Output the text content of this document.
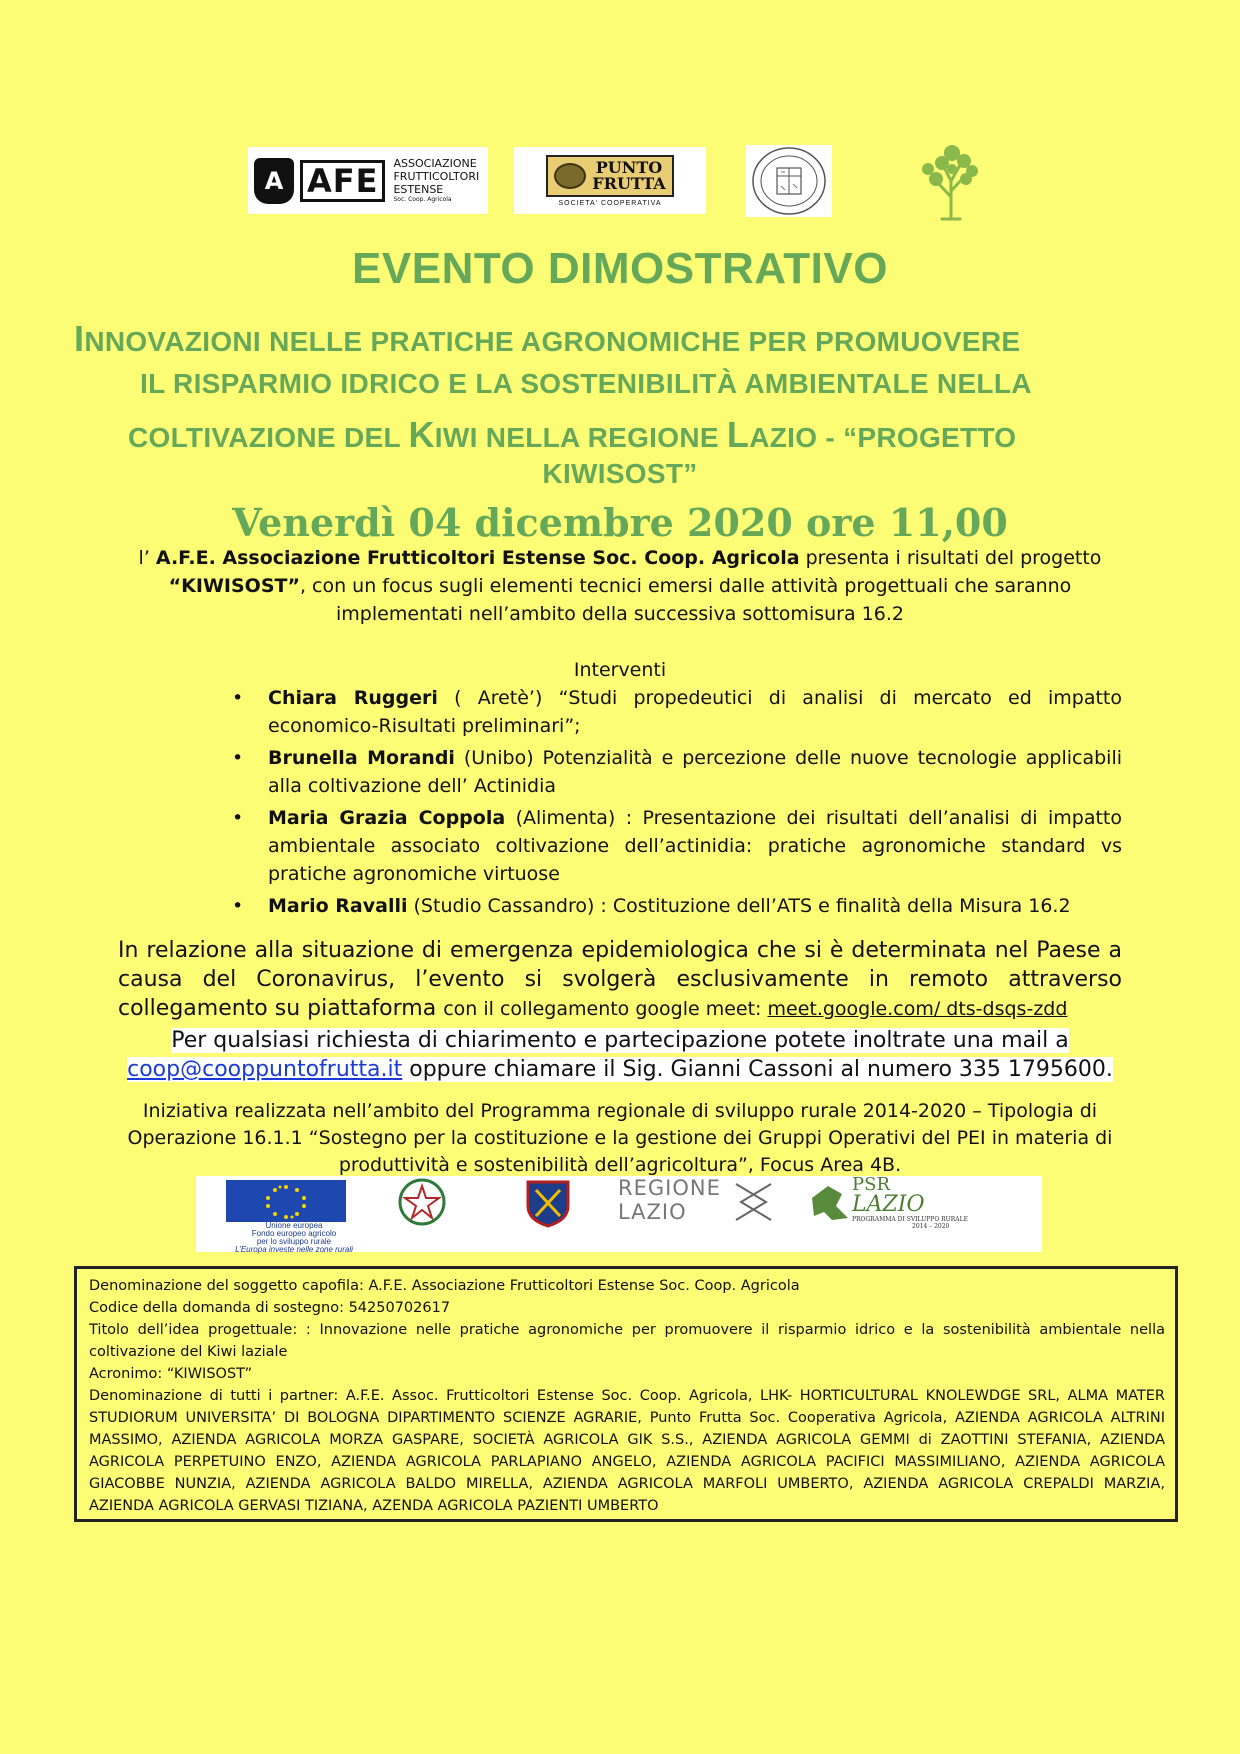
A AFE	ASSOCIAZIONE
FRUTTICOLTORI
ESTENSE
Soc. Coop. Agricola
PUNTO
FRUTTA
SOCIETA' COOPERATIVA
EVENTO DIMOSTRATIVO
INNOVAZIONI NELLE PRATICHE AGRONOMICHE PER PROMUOVERE
IL RISPARMIO IDRICO E LA SOSTENIBILITÀ AMBIENTALE NELLA
COLTIVAZIONE DEL KIWI NELLA REGIONE LAZIO - “PROGETTO
KIWISOST”
Venerdì 04 dicembre 2020 ore 11,00
l’ A.F.E. Associazione Frutticoltori Estense Soc. Coop. Agricola presenta i risultati del progetto “KIWISOST”, con un focus sugli elementi tecnici emersi dalle attività progettuali che saranno implementati nell’ambito della successiva sottomisura 16.2
Interventi
• Chiara Ruggeri ( Aretè’) “Studi propedeutici di analisi di mercato ed impatto economico-Risultati preliminari”;
• Brunella Morandi (Unibo) Potenzialità e percezione delle nuove tecnologie applicabili alla coltivazione dell’ Actinidia
• Maria Grazia Coppola (Alimenta) : Presentazione dei risultati dell’analisi di impatto ambientale associato coltivazione dell’actinidia: pratiche agronomiche standard vs pratiche agronomiche virtuose
• Mario Ravalli (Studio Cassandro) : Costituzione dell’ATS e finalità della Misura 16.2
In relazione alla situazione di emergenza epidemiologica che si è determinata nel Paese a causa del Coronavirus, l’evento si svolgerà esclusivamente in remoto attraverso collegamento su piattaforma con il collegamento google meet: meet.google.com/ dts-dsqs-zdd
Per qualsiasi richiesta di chiarimento e partecipazione potete inoltrate una mail a
coop@cooppuntofrutta.it oppure chiamare il Sig. Gianni Cassoni al numero 335 1795600.
Iniziativa realizzata nell’ambito del Programma regionale di sviluppo rurale 2014-2020 – Tipologia di Operazione 16.1.1 “Sostegno per la costituzione e la gestione dei Gruppi Operativi del PEI in materia di produttività e sostenibilità dell’agricoltura”, Focus Area 4B.
Unione europea
Fondo europeo agricolo
per lo sviluppo rurale
L’Europa investe nelle zone rurali
REGIONE
LAZIO
PSR
LAZIO
PROGRAMMA DI SVILUPPO RURALE
2014 – 2020

Denominazione del soggetto capofila: A.F.E. Associazione Frutticoltori Estense Soc. Coop. Agricola

Codice della domanda di sostegno: 54250702617

Titolo dell’idea progettuale: : Innovazione nelle pratiche agronomiche per promuovere il risparmio idrico e la sostenibilità ambientale nella coltivazione del Kiwi laziale

Acronimo: “KIWISOST”

Denominazione di tutti i partner: A.F.E. Assoc. Frutticoltori Estense Soc. Coop. Agricola, LHK- HORTICULTURAL KNOLEWDGE SRL, ALMA MATER STUDIORUM UNIVERSITA’ DI BOLOGNA DIPARTIMENTO SCIENZE AGRARIE, Punto Frutta Soc. Cooperativa Agricola, AZIENDA AGRICOLA ALTRINI MASSIMO, AZIENDA AGRICOLA MORZA GASPARE, SOCIETÀ AGRICOLA GIK S.S., AZIENDA AGRICOLA GEMMI di ZAOTTINI STEFANIA, AZIENDA AGRICOLA PERPETUINO ENZO, AZIENDA AGRICOLA PARLAPIANO ANGELO, AZIENDA AGRICOLA PACIFICI MASSIMILIANO, AZIENDA AGRICOLA GIACOBBE NUNZIA, AZIENDA AGRICOLA BALDO MIRELLA, AZIENDA AGRICOLA MARFOLI UMBERTO, AZIENDA AGRICOLA CREPALDI MARZIA, AZIENDA AGRICOLA GERVASI TIZIANA, AZENDA AGRICOLA PAZIENTI UMBERTO
